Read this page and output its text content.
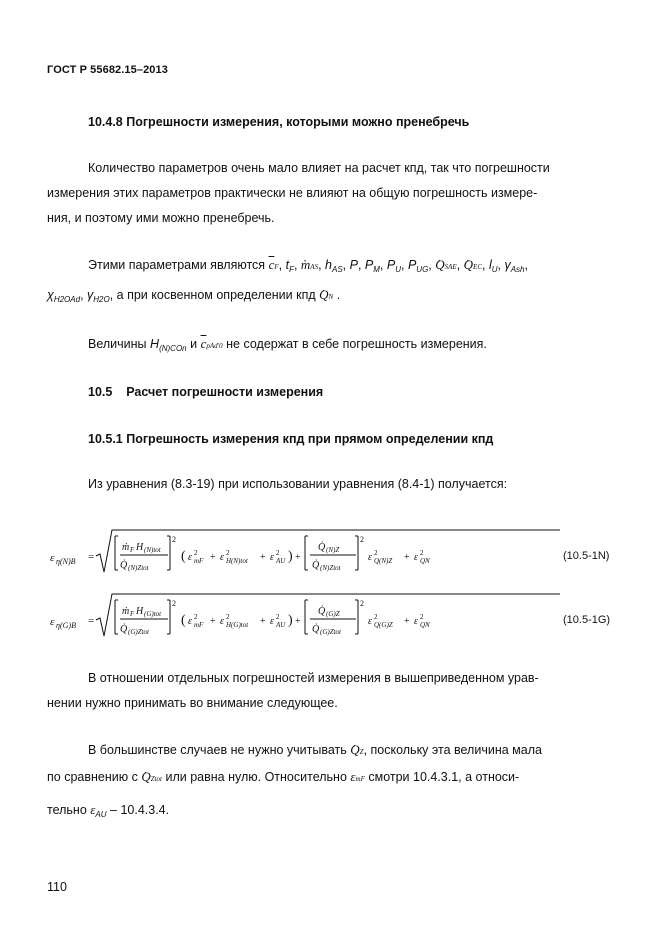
ГОСТ Р 55682.15–2013
10.4.8 Погрешности измерения, которыми можно пренебречь
Количество параметров очень мало влияет на расчет кпд, так что погрешности
измерения этих параметров практически не влияют на общую погрешность измере-
ния, и поэтому ими можно пренебречь.
Этими параметрами являются $\overline{c}F$, $t_F$, · mAS, $h_{AS}$, P, $P_M$, $P_U$, $P_{UG}$, · QSAE, · QEC, $l_U$, $\gamma_{Ash}$,
$\chi_{H2OAd}$, $\gamma_{H2O}$, а при косвенном определении кпд · QN .
Величины $H_{(N)COn}$ и $\overline{c}pAd'0$ не содержат в себе погрешность измерения.
10.5 Расчет погрешности измерения
10.5.1 Погрешность измерения кпд при прямом определении кпд
Из уравнения (8.3-19) при использовании уравнения (8.4-1) получается:
ε η(N)B =
ṁ F H (N)tot
Q̇ (N)Ztot
2
( ε 2
mF + ε 2
H(N)tot + ε 2
AU ) +
Q̇ (N)Z
Q̇ (N)Ztot
2
ε 2
Q(N)Z + ε 2
QN	(10.5-1N)
ε η(G)B =
ṁ F H (G)tot
Q̇ (G)Ztot
2
( ε 2
mF + ε 2
H(G)tot + ε 2
AU ) +
Q̇ (G)Z
Q̇ (G)Ztot
2
ε 2
Q(G)Z + ε 2
QN	(10.5-1G)
В отношении отдельных погрешностей измерения в вышеприведенном урав-
нении нужно принимать во внимание следующее.
В большинстве случаев не нужно учитывать · QZ, поскольку эта величина мала
по сравнению с · QZtot или равна нулю. Относительно εmF смотри 10.4.3.1, а относи-
тельно $\varepsilon_{AU} - 10.4.3.4$.
110
